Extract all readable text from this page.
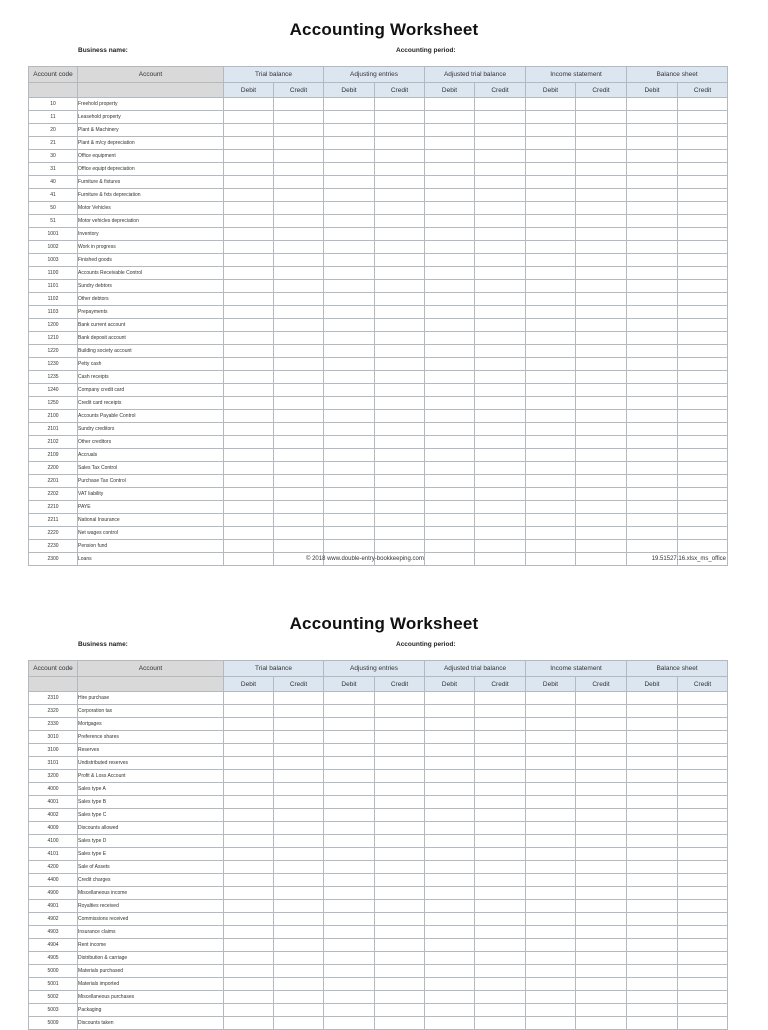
Accounting Worksheet
Business name:	Accounting period:
Account code	Account	Trial balance		Adjusting entries		Adjusted trial balance		Income statement		Balance sheet	
		Debit	Credit	Debit	Credit	Debit	Credit	Debit	Credit	Debit	Credit
10	Freehold property										
11	Leasehold property										
20	Plant & Machinery										
21	Plant & m/cy depreciation										
30	Office equipment										
31	Office equipt depreciation										
40	Furniture & fixtures										
41	Furniture & fxts depreciation										
50	Motor Vehicles										
51	Motor vehicles depreciation										
1001	Inventory										
1002	Work in progress										
1003	Finished goods										
1100	Accounts Receivable Control										
1101	Sundry debtors										
1102	Other debtors										
1103	Prepayments										
1200	Bank current account										
1210	Bank deposit account										
1220	Building society account										
1230	Petty cash										
1235	Cash receipts										
1240	Company credit card										
1250	Credit card receipts										
2100	Accounts Payable Control										
2101	Sundry creditors										
2102	Other creditors										
2109	Accruals										
2200	Sales Tax Control										
2201	Purchase Tax Control										
2202	VAT liability										
2210	PAYE										
2211	National Insurance										
2220	Net wages control										
2230	Pension fund										
2300	Loans											© 2018 www.double-entry-bookkeeping.com	19.51527.16.xlsx_ms_office
Accounting Worksheet
Business name:	Accounting period:
Account code	Account	Trial balance		Adjusting entries		Adjusted trial balance		Income statement		Balance sheet	
		Debit	Credit	Debit	Credit	Debit	Credit	Debit	Credit	Debit	Credit
2310	Hire purchase										
2320	Corporation tax										
2330	Mortgages										
3010	Preference shares										
3100	Reserves										
3101	Undistributed reserves										
3200	Profit & Loss Account										
4000	Sales type A										
4001	Sales type B										
4002	Sales type C										
4009	Discounts allowed										
4100	Sales type D										
4101	Sales type E										
4200	Sale of Assets										
4400	Credit charges										
4900	Miscellaneous income										
4901	Royalties received										
4902	Commissions received										
4903	Insurance claims										
4904	Rent income										
4905	Distribution & carriage										
5000	Materials purchased										
5001	Materials imported										
5002	Miscellaneous purchases										
5003	Packaging										
5009	Discounts taken										
